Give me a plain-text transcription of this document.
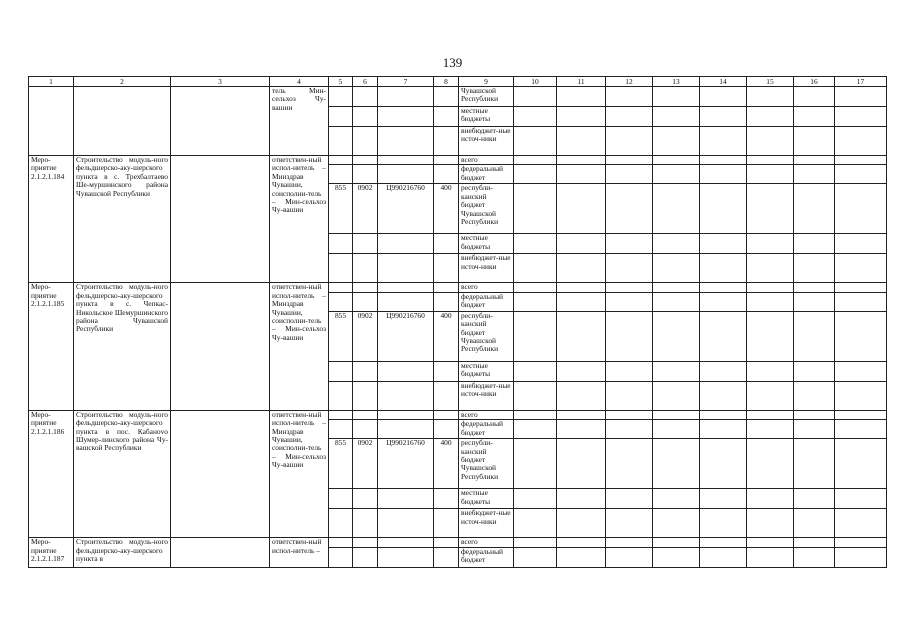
139
1	2	3	4	5	6	7	8	9	10	11	12	13	14	15	16	17
			тель Мин-сельхоз Чу-вашии					Чувашской Республики								
								местные бюджеты								
								внебюджет-ные источ-ники								
Меро-приятие 2.1.2.1.184	Строительство модуль-ного фельдшерско-аку-шерского пункта в с. Трехбалтаево Ше-муршинского района Чувашской Республики		ответствен-ный испол-нитель – Минздрав Чувашии, соисполни-тель – Мин-сельхоз Чу-вашии					всего								
								федеральный бюджет								
				855	0902	Ц990216760	400	республи-канский бюджет Чувашской Республики								
								местные бюджеты								
								внебюджет-ные источ-ники								
Меро-приятие 2.1.2.1.185	Строительство модуль-ного фельдшерско-аку-шерского пункта в с. Чепкас-Никольское Шемуршинского района Чувашской Республики		ответствен-ный испол-нитель – Минздрав Чувашии, соисполни-тель – Мин-сельхоз Чу-вашии					всего								
								федеральный бюджет								
				855	0902	Ц990216760	400	республи-канский бюджет Чувашской Республики								
								местные бюджеты								
								внебюджет-ные источ-ники								
Меро-приятие 2.1.2.1.186	Строительство модуль-ного фельдшерско-аку-шерского пункта в пос. Кабанovo Шумер-линского района Чу-вашской Республики		ответствен-ный испол-нитель – Минздрав Чувашии, соисполни-тель – Мин-сельхоз Чу-вашии					всего								
								федеральный бюджет								
				855	0902	Ц990216760	400	республи-канский бюджет Чувашской Республики								
								местные бюджеты								
								внебюджет-ные источ-ники								
Меро-приятие 2.1.2.1.187	Строительство модуль-ного фельдшерско-аку-шерского пункта в		ответствен-ный испол-нитель –					всего								
								федеральный бюджет								
